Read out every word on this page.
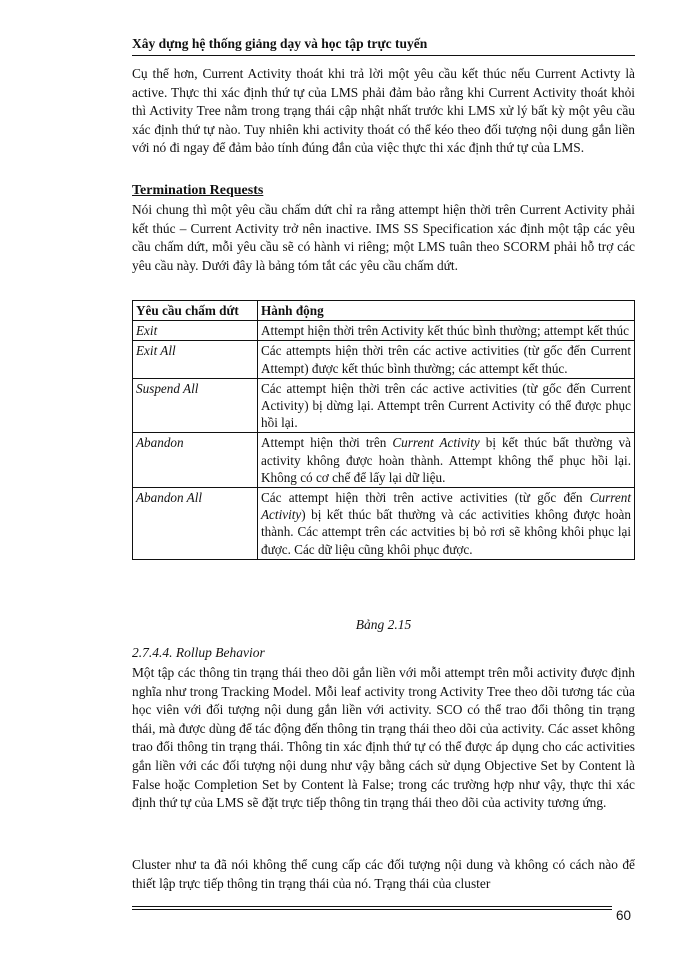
Xây dựng hệ thống giảng dạy và học tập trực tuyến

Cụ thể hơn, Current Activity thoát khi trả lời một yêu cầu kết thúc nếu Current Activty là active. Thực thi xác định thứ tự của LMS phải đảm bảo rằng khi Current Activity thoát khỏi thì Activity Tree nằm trong trạng thái cập nhật nhất trước khi LMS xử lý bất kỳ một yêu cầu xác định thứ tự nào. Tuy nhiên khi activity thoát có thể kéo theo đối tượng nội dung gắn liền với nó đi ngay để đảm bảo tính đúng đắn của việc thực thi xác định thứ tự của LMS.

Termination Requests

Nói chung thì một yêu cầu chấm dứt chỉ ra rằng attempt hiện thời trên Current Activity phải kết thúc – Current Activity trở nên inactive. IMS SS Specification xác định một tập các yêu cầu chấm dứt, mỗi yêu cầu sẽ có hành vi riêng; một LMS tuân theo SCORM phải hỗ trợ các yêu cầu này. Dưới đây là bảng tóm tắt các yêu cầu chấm dứt.

Yêu cầu chấm dứt	Hành động
Exit	Attempt hiện thời trên Activity kết thúc bình thường; attempt kết thúc
Exit All	Các attempts hiện thời trên các active activities (từ gốc đến Current Attempt) được kết thúc bình thường; các attempt kết thúc.
Suspend All	Các attempt hiện thời trên các active activities (từ gốc đến Current Activity) bị dừng lại. Attempt trên Current Activity có thể được phục hồi lại.
Abandon	Attempt hiện thời trên Current Activity bị kết thúc bất thường và activity không được hoàn thành. Attempt không thể phục hồi lại. Không có cơ chế để lấy lại dữ liệu.
Abandon All	Các attempt hiện thời trên active activities (từ gốc đến Current Activity) bị kết thúc bất thường và các activities không được hoàn thành. Các attempt trên các actvities bị bỏ rơi sẽ không khôi phục lại được. Các dữ liệu cũng khôi phục được.
Bảng 2.15
2.7.4.4. Rollup Behavior

Một tập các thông tin trạng thái theo dõi gắn liền với mỗi attempt trên mỗi activity được định nghĩa như trong Tracking Model. Mỗi leaf activity trong Activity Tree theo dõi tương tác của học viên với đối tượng nội dung gắn liền với activity. SCO có thể trao đổi thông tin trạng thái, mà được dùng để tác động đến thông tin trạng thái theo dõi của activity. Các asset không trao đổi thông tin trạng thái. Thông tin xác định thứ tự có thể được áp dụng cho các activities gắn liền với các đối tượng nội dung như vậy bằng cách sử dụng Objective Set by Content là False hoặc Completion Set by Content là False; trong các trường hợp như vậy, thực thi xác định thứ tự của LMS sẽ đặt trực tiếp thông tin trạng thái theo dõi của activity tương ứng.

Cluster như ta đã nói không thể cung cấp các đối tượng nội dung và không có cách nào để thiết lập trực tiếp thông tin trạng thái của nó. Trạng thái của cluster

60
